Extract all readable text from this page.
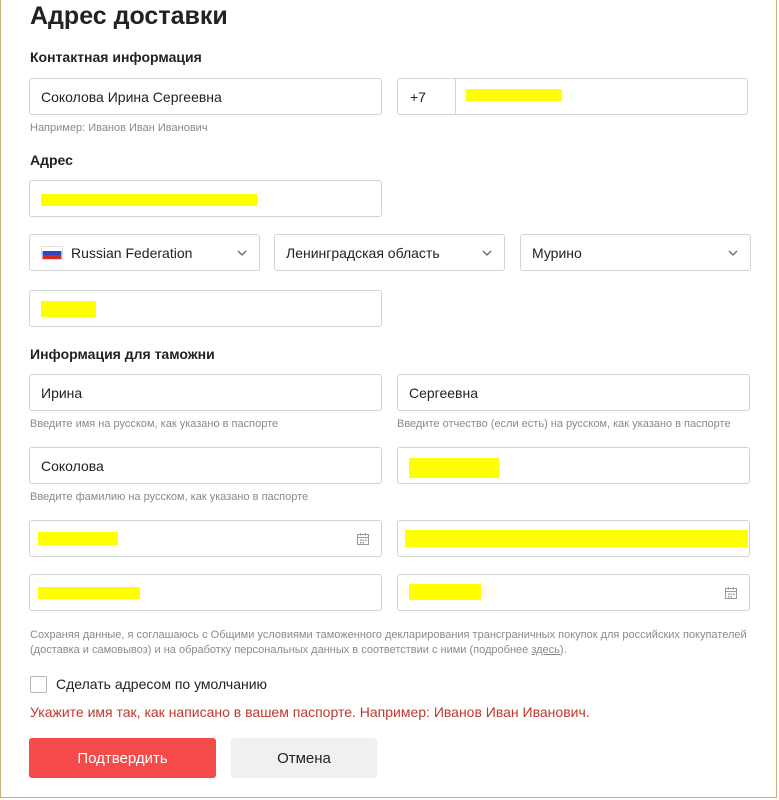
Адрес доставки
Контактная информация
Соколова Ирина Сергеевна
Например: Иванов Иван Иванович
+7
Адрес
Russian Federation	Ленинградская область	Мурино
Информация для таможни
Ирина
Введите имя на русском, как указано в паспорте
Сергеевна
Введите отчество (если есть) на русском, как указано в паспорте
Соколова
Введите фамилию на русском, как указано в паспорте
Сохраняя данные, я соглашаюсь с Общими условиями таможенного декларирования трансграничных покупок для российских покупателей (доставка и самовывоз) и на обработку персональных данных в соответствии с ними (подробнее здесь).
Сделать адресом по умолчанию
Укажите имя так, как написано в вашем паспорте. Например: Иванов Иван Иванович.
Подтвердить	Отмена
